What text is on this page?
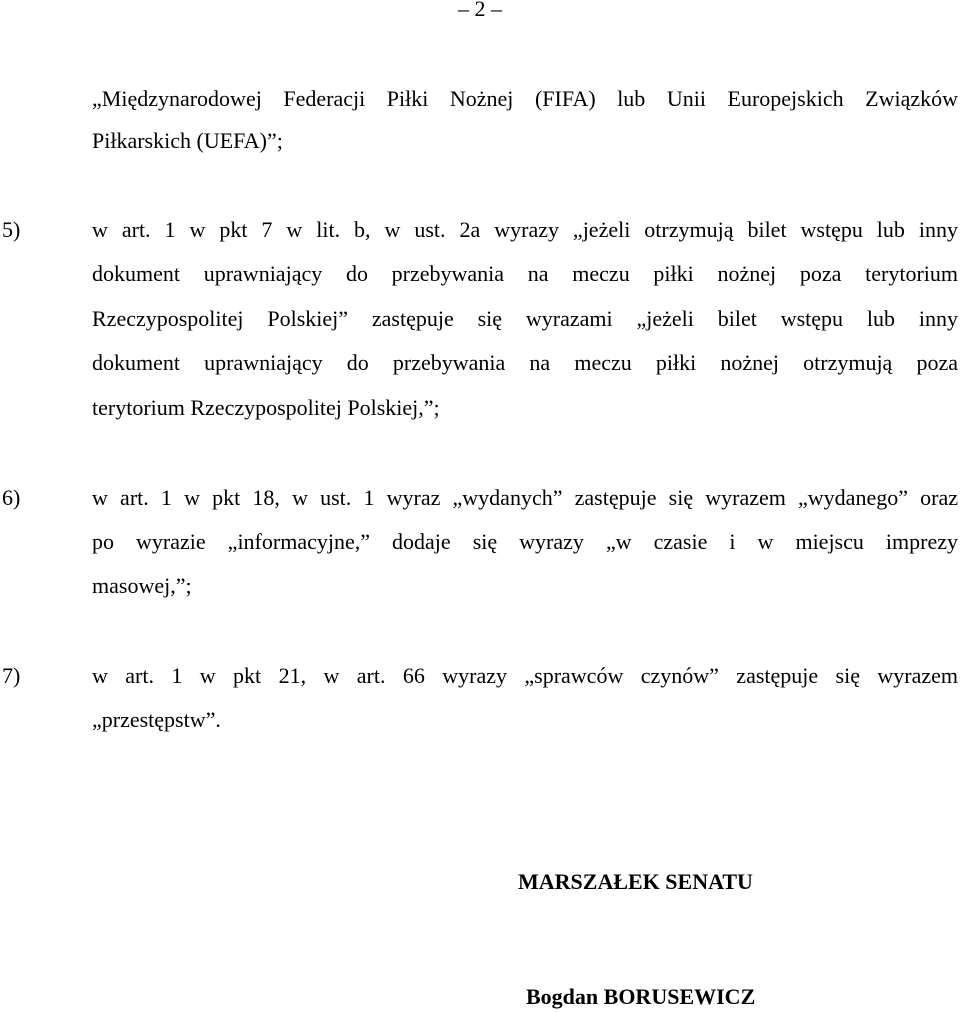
– 2 –
„Międzynarodowej Federacji Piłki Nożnej (FIFA) lub Unii Europejskich Związków
Piłkarskich (UEFA)”;
5)	w art. 1 w pkt 7 w lit. b, w ust. 2a wyrazy „jeżeli otrzymują bilet wstępu lub inny
dokument uprawniający do przebywania na meczu piłki nożnej poza terytorium
Rzeczypospolitej Polskiej” zastępuje się wyrazami „jeżeli bilet wstępu lub inny
dokument uprawniający do przebywania na meczu piłki nożnej otrzymują poza
terytorium Rzeczypospolitej Polskiej,”;
6)	w art. 1 w pkt 18, w ust. 1 wyraz „wydanych” zastępuje się wyrazem „wydanego” oraz
po wyrazie „informacyjne,” dodaje się wyrazy „w czasie i w miejscu imprezy
masowej,”;
7)	w art. 1 w pkt 21, w art. 66 wyrazy „sprawców czynów” zastępuje się wyrazem
„przestępstw”.
MARSZAŁEK SENATU
Bogdan BORUSEWICZ
